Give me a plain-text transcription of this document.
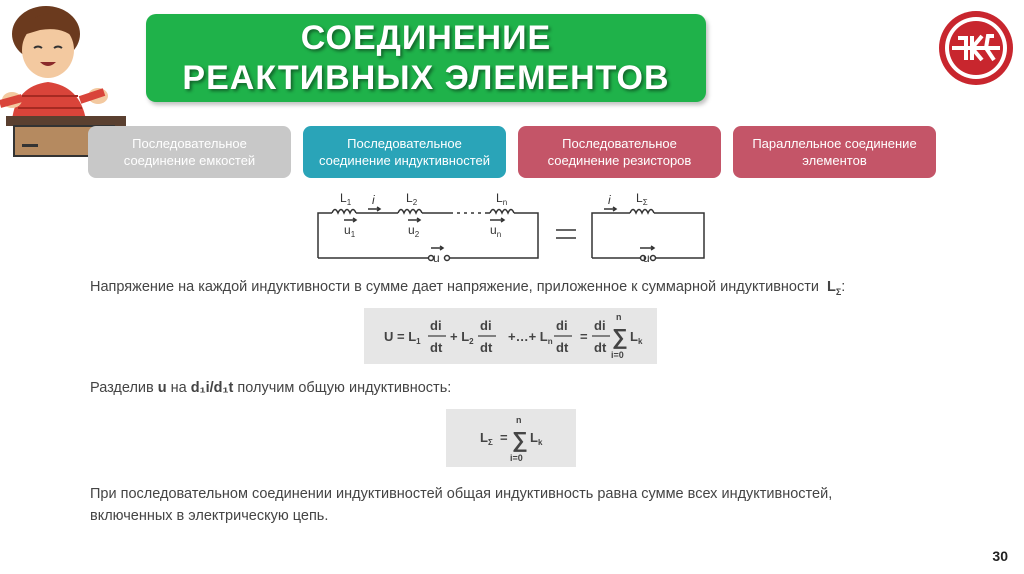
СОЕДИНЕНИЕ
РЕАКТИВНЫХ ЭЛЕМЕНТОВ
Последовательное
соединение емкостей
Последовательное
соединение индуктивностей
Последовательное
соединение резисторов
Параллельное соединение
элементов
$L_1$	$L_2$	$L_n$
i
$u_1$	$u_2$	$u_n$
u
$L_\Sigma$
i
u
Напряжение на каждой индуктивности в сумме дает напряжение, приложенное к суммарной индуктивности $L_\Sigma$:
$U = L_1$
di
dt
+ $L_2$
di
dt
+…+ $L_n$
di
dt
=
di
dt
n
∑
i=0
$L_k$
Разделив u на d₁i/d₁t получим общую индуктивность:
$L_\Sigma$ =
n
∑
i=0
$L_k$
При последовательном соединении индуктивностей общая индуктивность равна сумме всех индуктивностей,
включенных в электрическую цепь.
30
